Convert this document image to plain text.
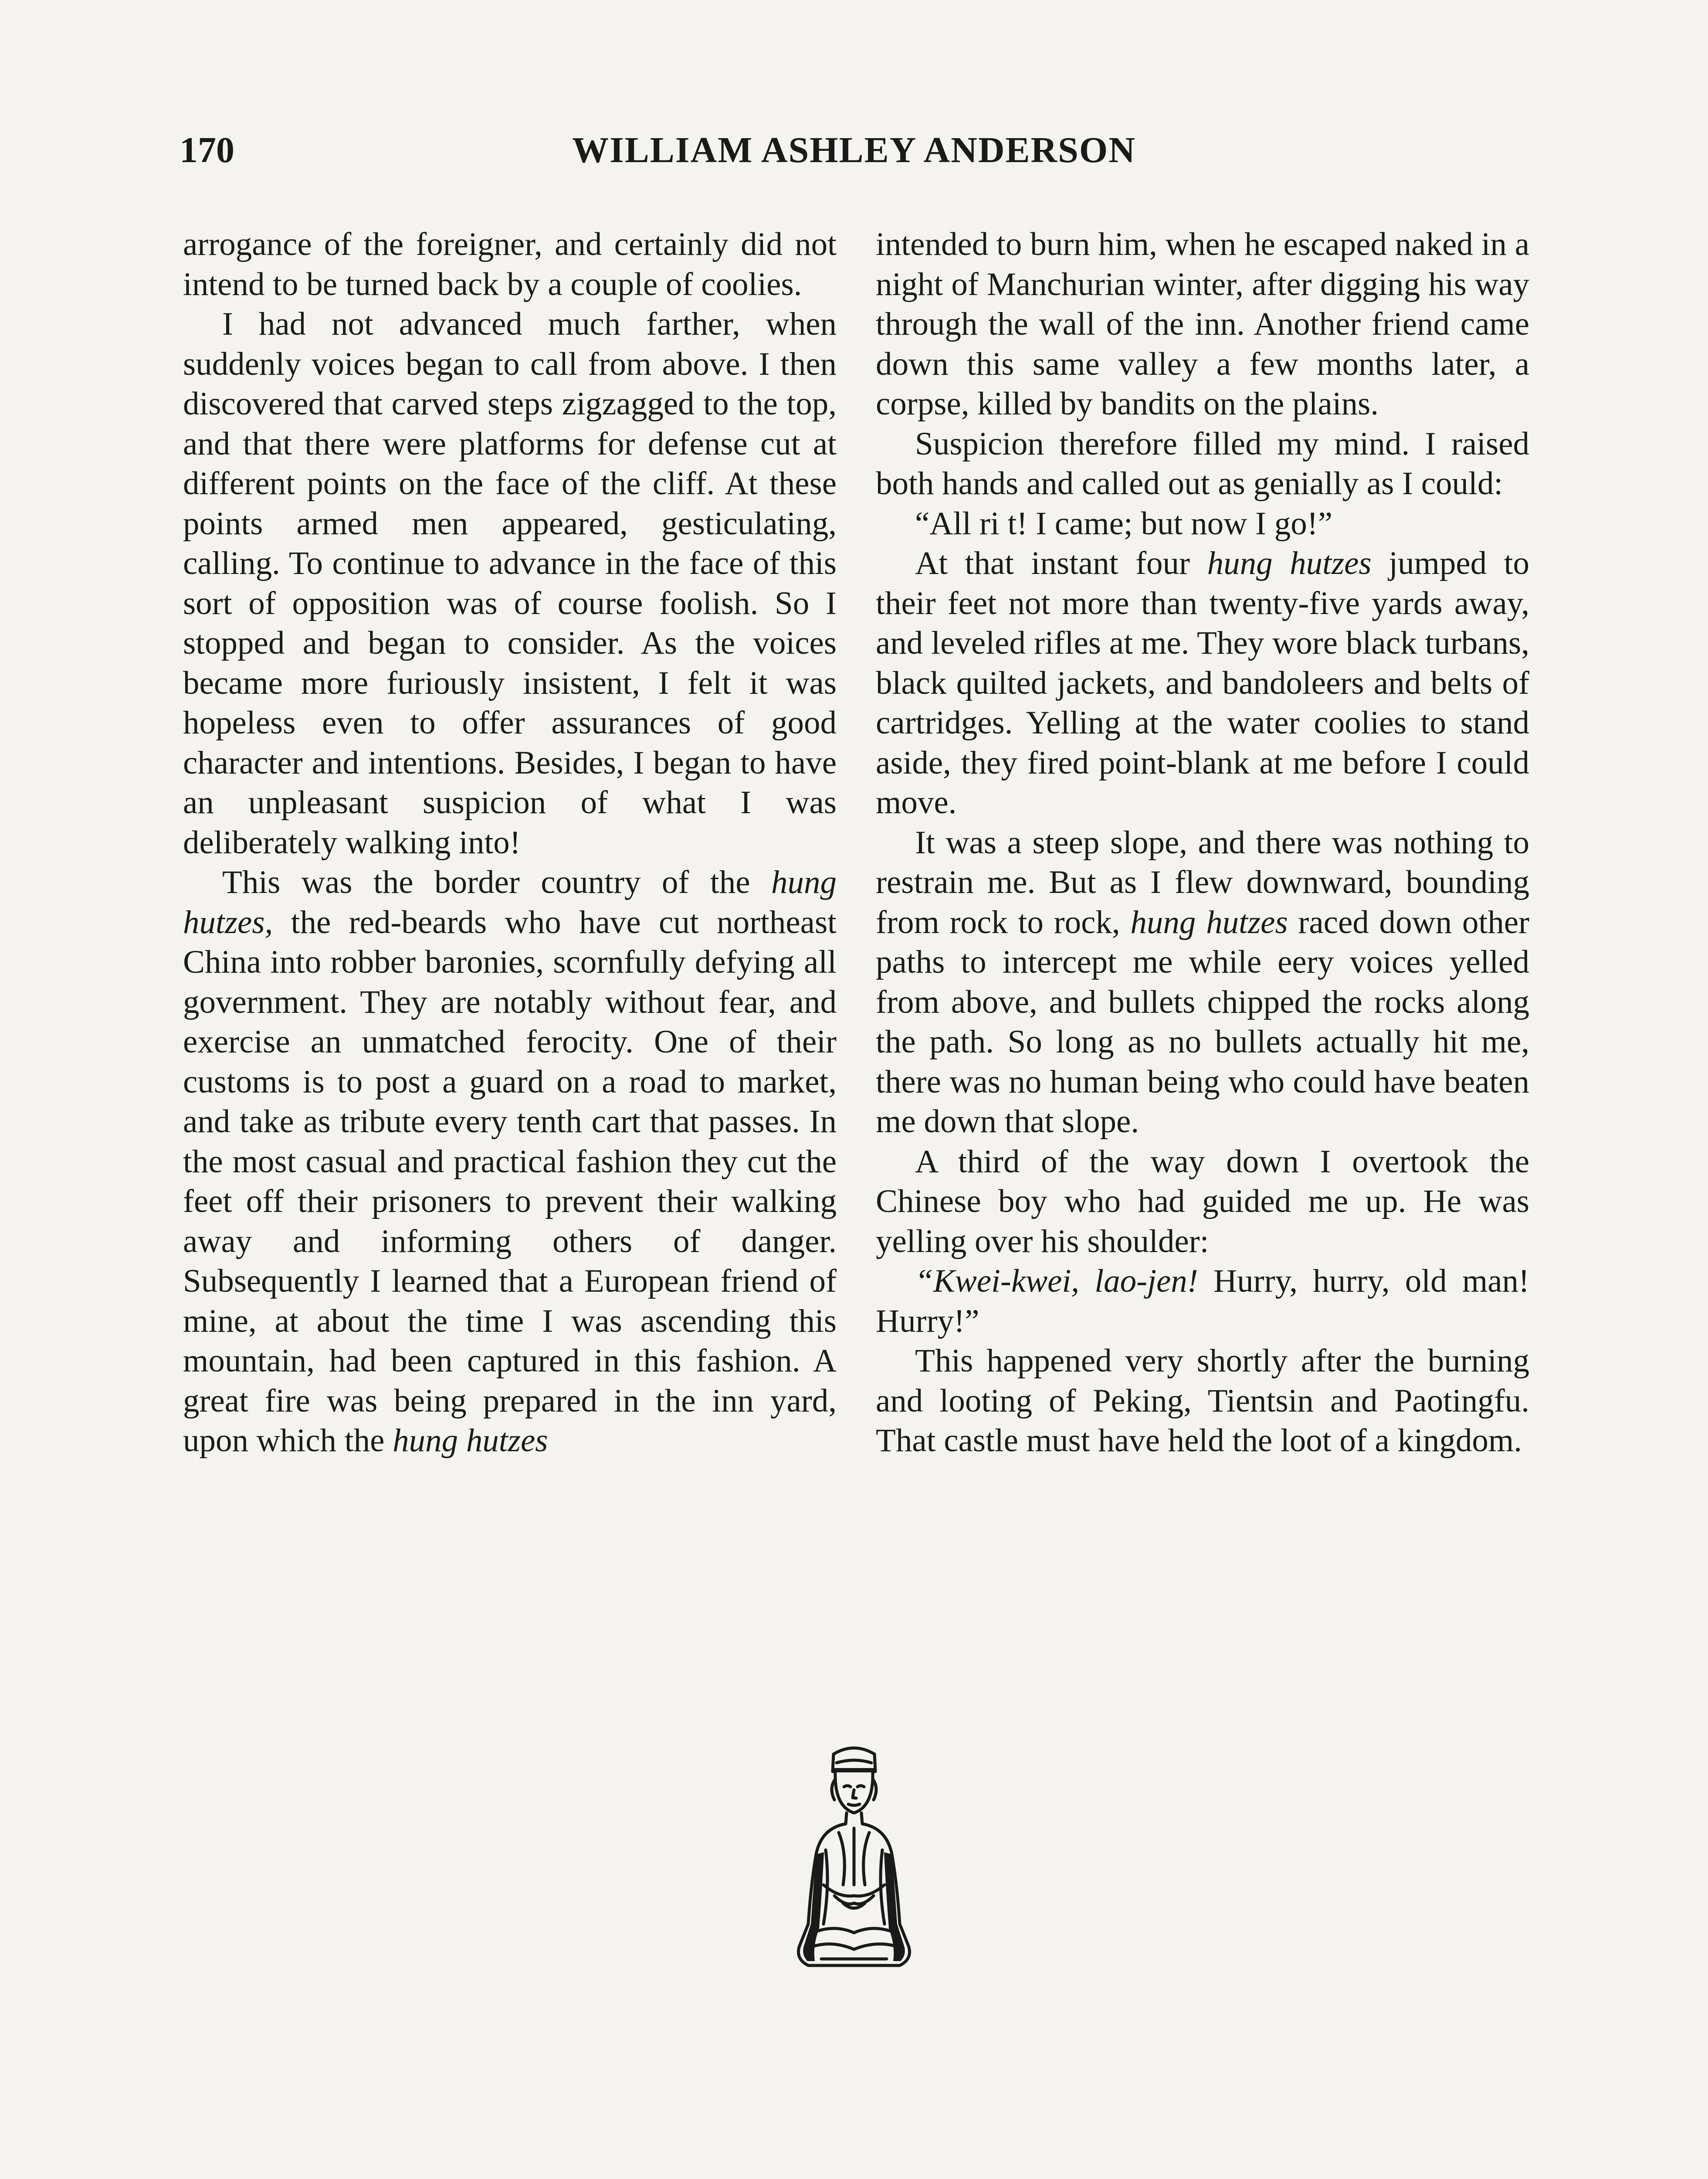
170	WILLIAM ASHLEY ANDERSON

arrogance of the foreigner, and certainly did not intend to be turned back by a couple of coolies.

I had not advanced much farther, when suddenly voices began to call from above. I then discovered that carved steps zigzagged to the top, and that there were platforms for defense cut at different points on the face of the cliff. At these points armed men appeared, gesticulating, calling. To continue to advance in the face of this sort of opposition was of course foolish. So I stopped and began to consider. As the voices became more furiously insistent, I felt it was hopeless even to offer assurances of good character and intentions. Besides, I began to have an unpleasant suspicion of what I was deliberately walking into!

This was the border country of the hung hutzes, the red-beards who have cut northeast China into robber baronies, scornfully defying all government. They are notably without fear, and exercise an unmatched ferocity. One of their customs is to post a guard on a road to market, and take as tribute every tenth cart that passes. In the most casual and practical fashion they cut the feet off their prisoners to prevent their walking away and informing others of danger. Subsequently I learned that a European friend of mine, at about the time I was ascending this mountain, had been captured in this fashion. A great fire was being prepared in the inn yard, upon which the hung hutzes

intended to burn him, when he escaped naked in a night of Manchurian winter, after digging his way through the wall of the inn. Another friend came down this same valley a few months later, a corpse, killed by bandits on the plains.

Suspicion therefore filled my mind. I raised both hands and called out as genially as I could:

“All ri t! I came; but now I go!”

At that instant four hung hutzes jumped to their feet not more than twenty-five yards away, and leveled rifles at me. They wore black turbans, black quilted jackets, and bandoleers and belts of cartridges. Yelling at the water coolies to stand aside, they fired point-blank at me before I could move.

It was a steep slope, and there was nothing to restrain me. But as I flew downward, bounding from rock to rock, hung hutzes raced down other paths to intercept me while eery voices yelled from above, and bullets chipped the rocks along the path. So long as no bullets actually hit me, there was no human being who could have beaten me down that slope.

A third of the way down I overtook the Chinese boy who had guided me up. He was yelling over his shoulder:

“Kwei-kwei, lao-jen! Hurry, hurry, old man! Hurry!”

This happened very shortly after the burning and looting of Peking, Tientsin and Paotingfu. That castle must have held the loot of a kingdom.
